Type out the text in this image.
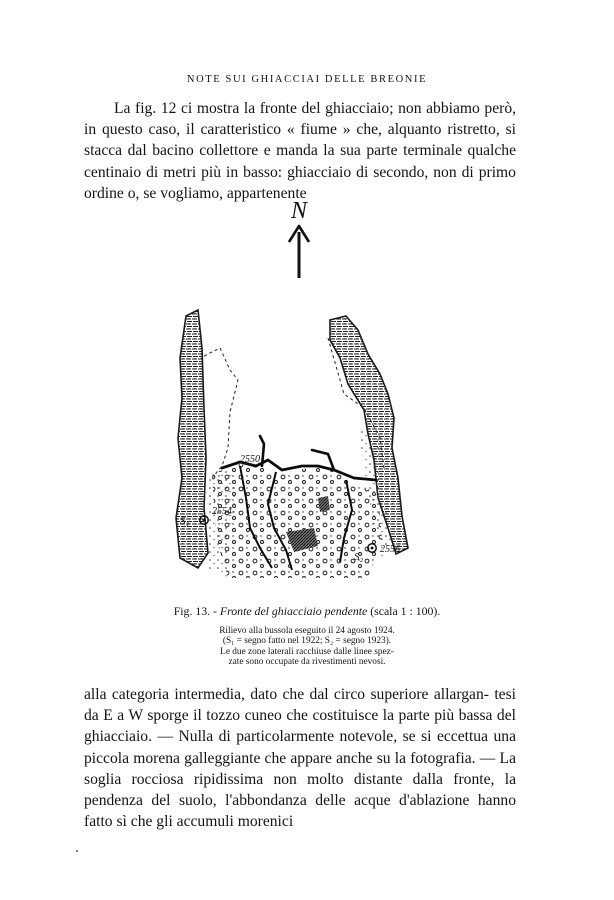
NOTE SUI GHIACCIAI DELLE BREONIE

La fig. 12 ci mostra la fronte del ghiacciaio; non abbiamo però, in questo caso, il caratteristico « fiume » che, alquanto ristretto, si stacca dal bacino collettore e manda la sua parte terminale qualche centinaio di metri più in basso: ghiacciaio di secondo, non di primo ordine o, se vogliamo, appartenente

N
2550
S₁
2554
S₂
2556
Fig. 13. - Fronte del ghiacciaio pendente (scala 1 : 100).
Rilievo alla bussola eseguito il 24 agosto 1924.
(S₁ = segno fatto nel 1922; S₂ = segno 1923).
Le due zone laterali racchiuse dalle linee spez-
zate sono occupate da rivestimenti nevosi.

alla categoria intermedia, dato che dal circo superiore allargan- tesi da E a W sporge il tozzo cuneo che costituisce la parte più bassa del ghiacciaio. — Nulla di particolarmente notevole, se si eccettua una piccola morena galleggiante che appare anche su la fotografia. — La soglia rocciosa ripidissima non molto distante dalla fronte, la pendenza del suolo, l'abbondanza delle acque d'ablazione hanno fatto sì che gli accumuli morenici
